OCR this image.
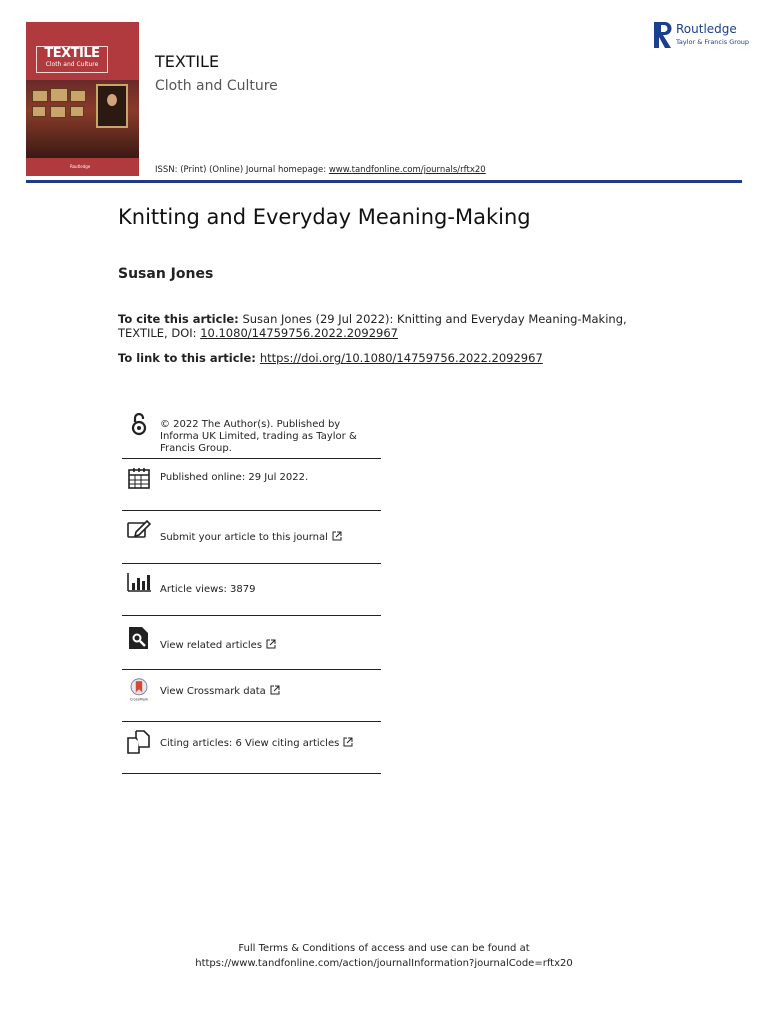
TEXTILE
Cloth and Culture
Routledge
TEXTILE
Cloth and Culture
ISSN: (Print) (Online) Journal homepage: www.tandfonline.com/journals/rftx20
Routledge
Taylor & Francis Group
Knitting and Everyday Meaning-Making
Susan Jones
To cite this article: Susan Jones (29 Jul 2022): Knitting and Everyday Meaning-Making, TEXTILE, DOI: 10.1080/14759756.2022.2092967
To link to this article: https://doi.org/10.1080/14759756.2022.2092967
© 2022 The Author(s). Published by Informa UK Limited, trading as Taylor & Francis Group.
Published online: 29 Jul 2022.
Submit your article to this journal
Article views: 3879
View related articles
CrossMark
View Crossmark data
Citing articles: 6 View citing articles
Full Terms & Conditions of access and use can be found at
https://www.tandfonline.com/action/journalInformation?journalCode=rftx20
